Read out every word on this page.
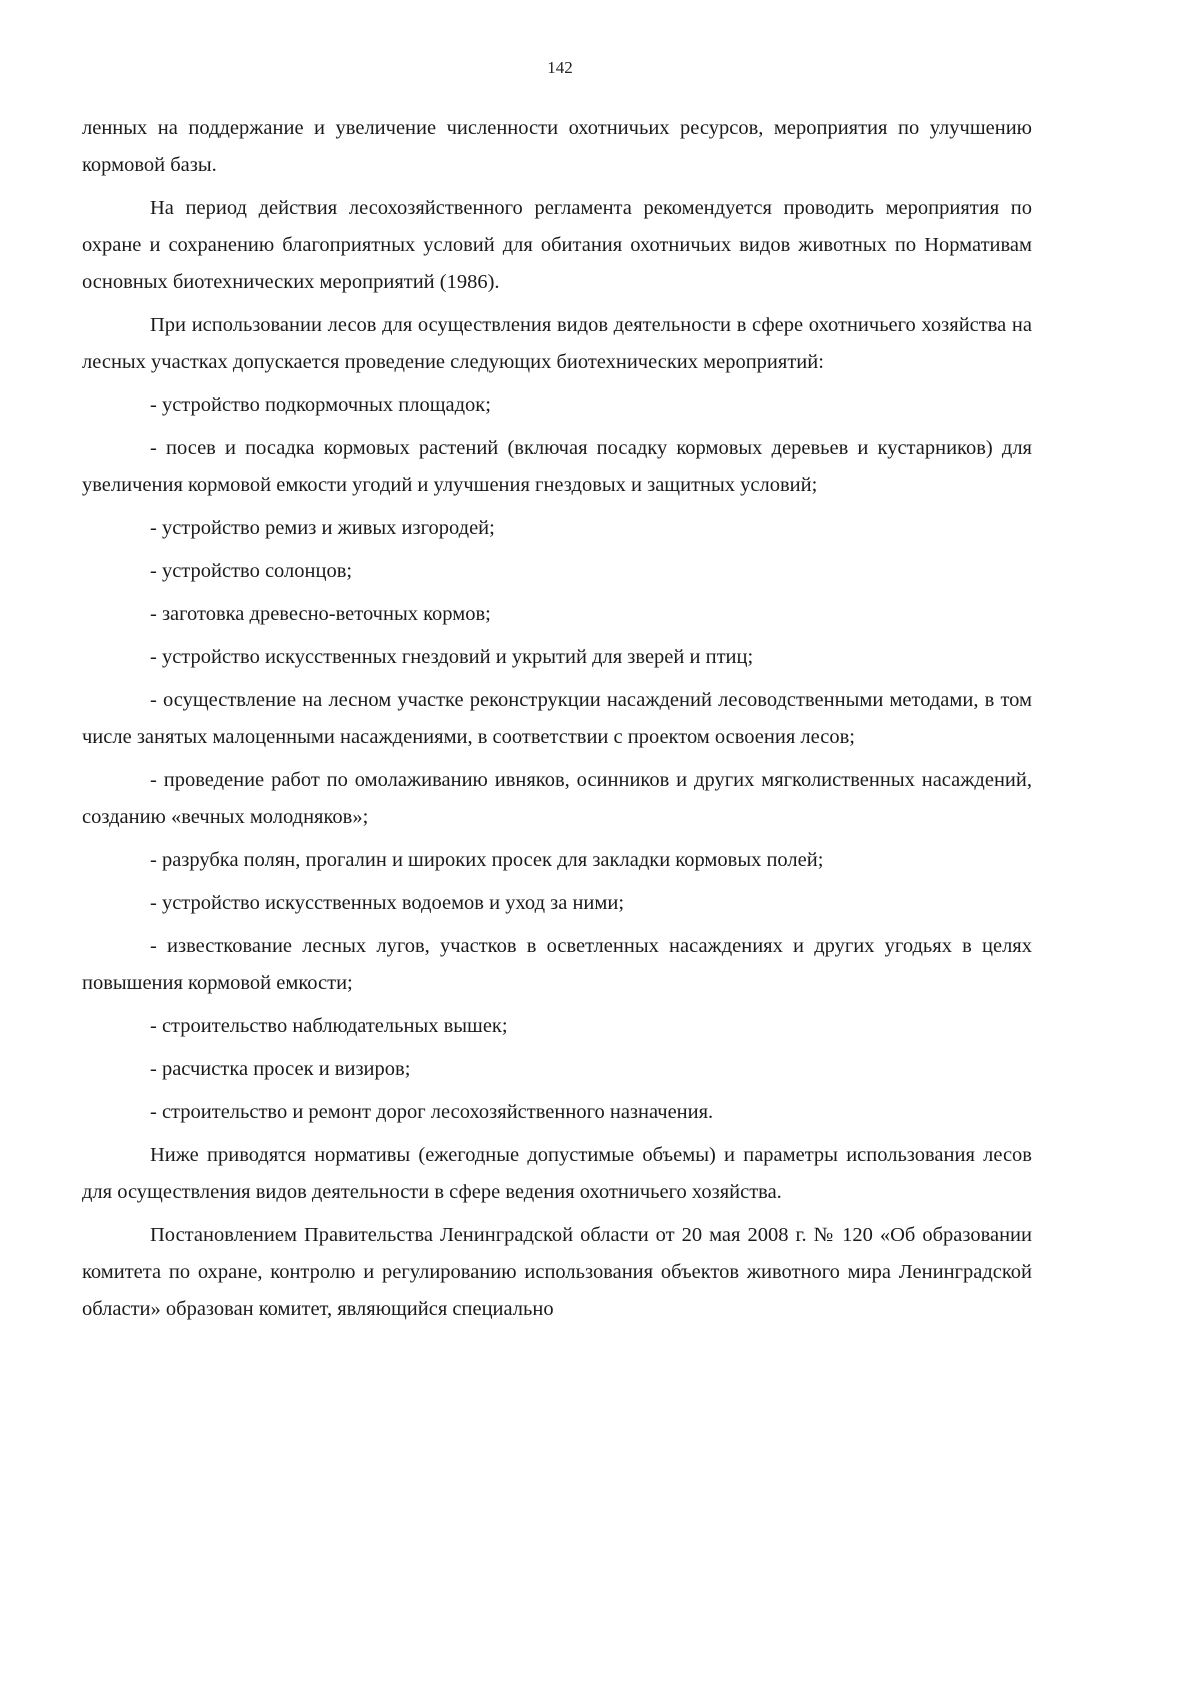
142

ленных на поддержание и увеличение численности охотничьих ресурсов, мероприятия по улучшению кормовой базы.

На период действия лесохозяйственного регламента рекомендуется проводить мероприятия по охране и сохранению благоприятных условий для обитания охотничьих видов животных по Нормативам основных биотехнических мероприятий (1986).

При использовании лесов для осуществления видов деятельности в сфере охотничьего хозяйства на лесных участках допускается проведение следующих биотехнических мероприятий:

- устройство подкормочных площадок;

- посев и посадка кормовых растений (включая посадку кормовых деревьев и кустарников) для увеличения кормовой емкости угодий и улучшения гнездовых и защитных условий;

- устройство ремиз и живых изгородей;

- устройство солонцов;

- заготовка древесно-веточных кормов;

- устройство искусственных гнездовий и укрытий для зверей и птиц;

- осуществление на лесном участке реконструкции насаждений лесоводственными методами, в том числе занятых малоценными насаждениями, в соответствии с проектом освоения лесов;

- проведение работ по омолаживанию ивняков, осинников и других мягколиственных насаждений, созданию «вечных молодняков»;

- разрубка полян, прогалин и широких просек для закладки кормовых полей;

- устройство искусственных водоемов и уход за ними;

- известкование лесных лугов, участков в осветленных насаждениях и других угодьях в целях повышения кормовой емкости;

- строительство наблюдательных вышек;

- расчистка просек и визиров;

- строительство и ремонт дорог лесохозяйственного назначения.

Ниже приводятся нормативы (ежегодные допустимые объемы) и параметры использования лесов для осуществления видов деятельности в сфере ведения охотничьего хозяйства.

Постановлением Правительства Ленинградской области от 20 мая 2008 г. № 120 «Об образовании комитета по охране, контролю и регулированию использования объектов животного мира Ленинградской области» образован комитет, являющийся специально
